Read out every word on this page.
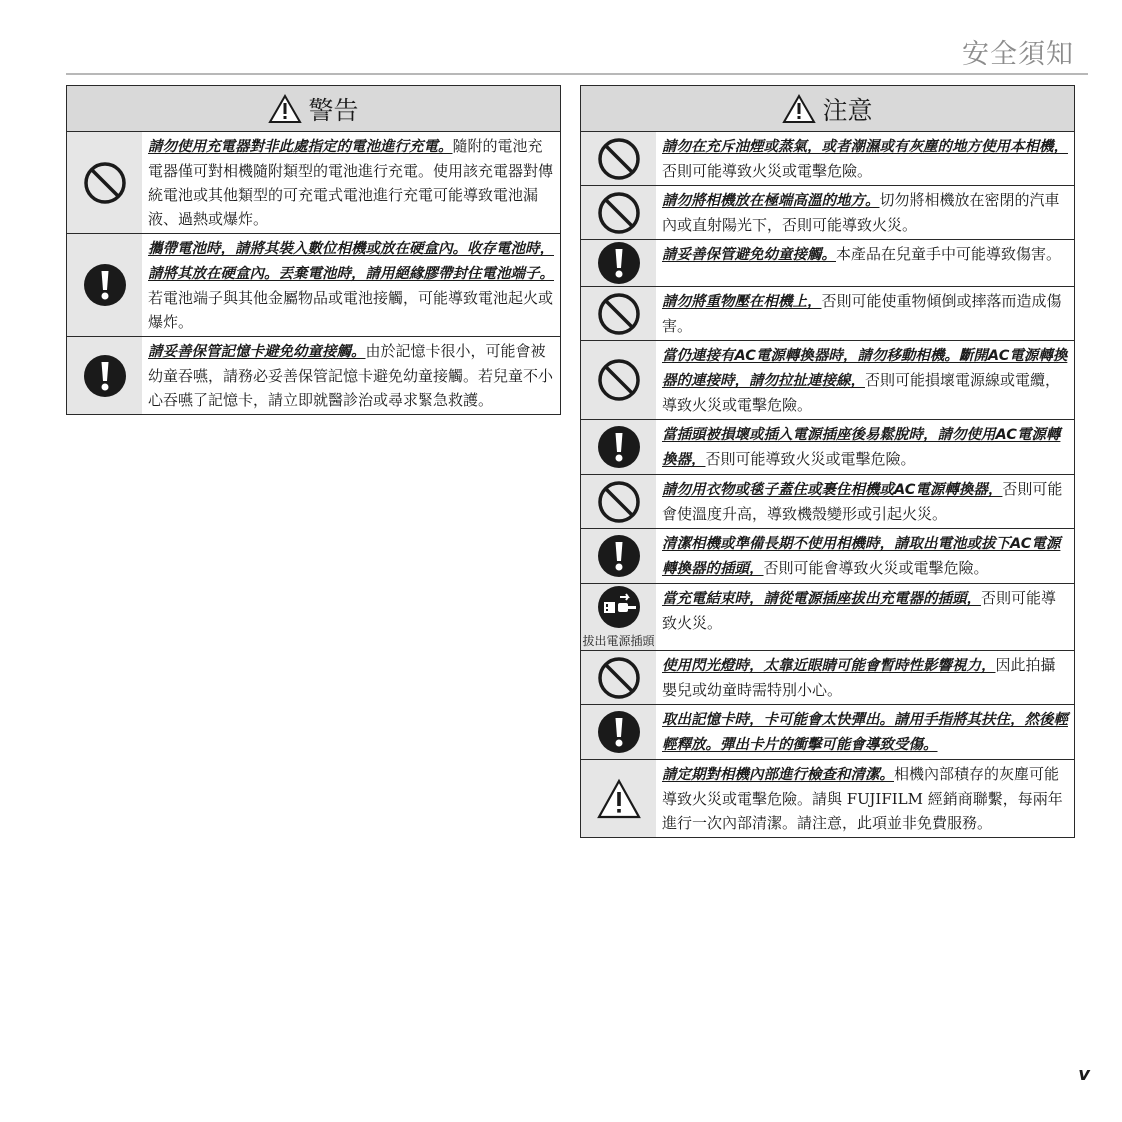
安全須知
警告
請勿使用充電器對非此處指定的電池進行充電。隨附的電池充電器僅可對相機隨附類型的電池進行充電。使用該充電器對傳統電池或其他類型的可充電式電池進行充電可能導致電池漏液、過熱或爆炸。
攜帶電池時，請將其裝入數位相機或放在硬盒內。收存電池時，請將其放在硬盒內。丟棄電池時，請用絕緣膠帶封住電池端子。若電池端子與其他金屬物品或電池接觸，可能導致電池起火或爆炸。
請妥善保管記憶卡避免幼童接觸。由於記憶卡很小，可能會被幼童吞嚥，請務必妥善保管記憶卡避免幼童接觸。若兒童不小心吞嚥了記憶卡，請立即就醫診治或尋求緊急救護。
注意
請勿在充斥油煙或蒸氣，或者潮濕或有灰塵的地方使用本相機，否則可能導致火災或電擊危險。
請勿將相機放在極端高溫的地方。切勿將相機放在密閉的汽車內或直射陽光下，否則可能導致火災。
請妥善保管避免幼童接觸。本產品在兒童手中可能導致傷害。
請勿將重物壓在相機上，否則可能使重物傾倒或摔落而造成傷害。
當仍連接有AC電源轉換器時，請勿移動相機。斷開AC電源轉換器的連接時，請勿拉扯連接線，否則可能損壞電源線或電纜，導致火災或電擊危險。
當插頭被損壞或插入電源插座後易鬆脫時，請勿使用AC電源轉換器，否則可能導致火災或電擊危險。
請勿用衣物或毯子蓋住或裹住相機或AC電源轉換器，否則可能會使溫度升高，導致機殼變形或引起火災。
清潔相機或準備長期不使用相機時，請取出電池或拔下AC電源轉換器的插頭，否則可能會導致火災或電擊危險。
拔出電源插頭
當充電結束時，請從電源插座拔出充電器的插頭，否則可能導致火災。
使用閃光燈時，太靠近眼睛可能會暫時性影響視力，因此拍攝嬰兒或幼童時需特別小心。
取出記憶卡時，卡可能會太快彈出。請用手指將其扶住，然後輕輕釋放。彈出卡片的衝擊可能會導致受傷。
請定期對相機內部進行檢查和清潔。相機內部積存的灰塵可能導致火災或電擊危險。請與 FUJIFILM 經銷商聯繫，每兩年進行一次內部清潔。請注意，此項並非免費服務。
v
